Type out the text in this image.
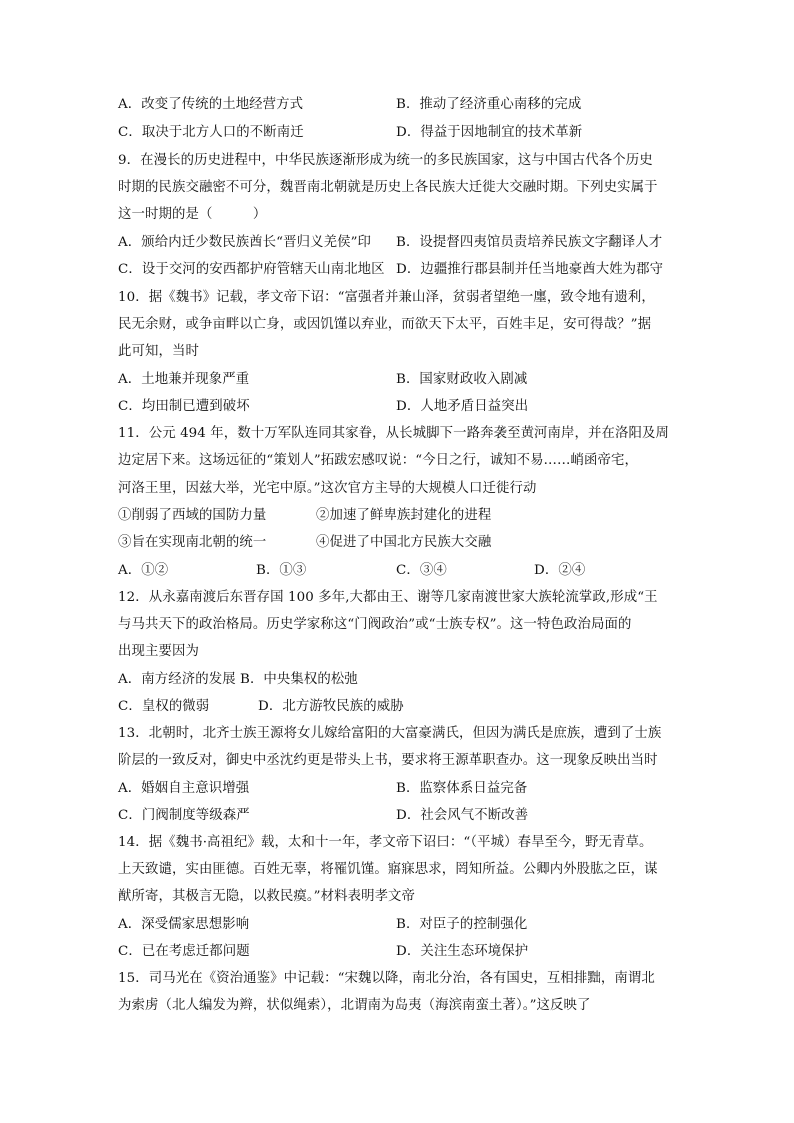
A．改变了传统的土地经营方式	B．推动了经济重心南移的完成
C．取决于北方人口的不断南迁	D．得益于因地制宜的技术革新
9．在漫长的历史进程中，中华民族逐渐形成为统一的多民族国家，这与中国古代各个历史
时期的民族交融密不可分，魏晋南北朝就是历史上各民族大迁徙大交融时期。下列史实属于
这一时期的是（　　　）
A．颁给内迁少数民族酋长“晋归义羌侯”印 B．设提督四夷馆员责培养民族文字翻译人才
C．设于交河的安西都护府管辖天山南北地区 D．边疆推行郡县制并任当地豪酋大姓为郡守
10．据《魏书》记载，孝文帝下诏：“富强者并兼山泽，贫弱者望绝一廛，致令地有遗利，
民无余财，或争亩畔以亡身，或因饥馑以弃业，而欲天下太平，百姓丰足，安可得哉？”据
此可知，当时
A．土地兼并现象严重	B．国家财政收入剧减
C．均田制已遭到破坏	D．人地矛盾日益突出
11．公元 494 年，数十万军队连同其家眷，从长城脚下一路奔袭至黄河南岸，并在洛阳及周
边定居下来。这场远征的“策划人”拓跋宏感叹说：“今日之行，诚知不易……峭函帝宅，
河洛王里，因兹大举，光宅中原。”这次官方主导的大规模人口迁徙行动
①削弱了西域的国防力量	②加速了鲜卑族封建化的进程
③旨在实现南北朝的统一	④促进了中国北方民族大交融
A．①②	B．①③	C．③④	D．②④
12．从永嘉南渡后东晋存国 100 多年,大都由王、谢等几家南渡世家大族轮流掌政,形成“王
与马共天下的政治格局。历史学家称这“门阀政治”或“士族专权”。这一特色政治局面的
出现主要因为
A．南方经济的发展 B．中央集权的松弛
C．皇权的微弱	D．北方游牧民族的威胁
13．北朝时，北齐士族王源将女儿嫁给富阳的大富豪满氏，但因为满氏是庶族，遭到了士族
阶层的一致反对，御史中丞沈约更是带头上书，要求将王源革职查办。这一现象反映出当时
A．婚姻自主意识增强	B．监察体系日益完备
C．门阀制度等级森严	D．社会风气不断改善
14．据《魏书·高祖纪》载，太和十一年，孝文帝下诏曰：“（平城）春旱至今，野无青草。
上天致谴，实由匪德。百姓无辜，将罹饥馑。寤寐思求，罔知所益。公卿内外股肱之臣，谋
猷所寄，其极言无隐，以救民瘼。”材料表明孝文帝
A．深受儒家思想影响	B．对臣子的控制强化
C．已在考虑迁都问题	D．关注生态环境保护
15．司马光在《资治通鉴》中记载：“宋魏以降，南北分治，各有国史，互相排黜，南谓北
为索虏（北人编发为辫，状似绳索），北谓南为岛夷（海滨南蛮土著）。”这反映了
